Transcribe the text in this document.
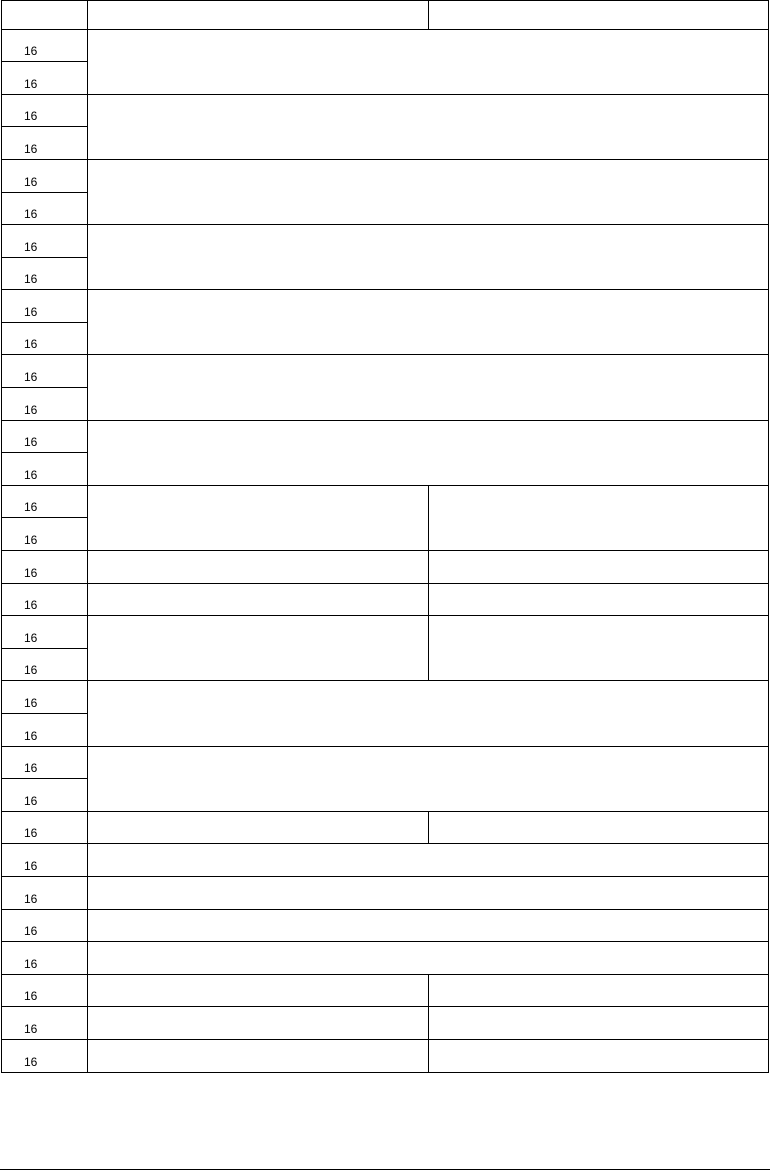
16		
16		
16		
16		
16		
16		
16		
16		
16		
16		
16		
16		
16		
16		
16		
16		
16		
16		
16		
16		
16		
16		
16		
16		
16		
16		
16		
16		
16		
16		
16		
16		
